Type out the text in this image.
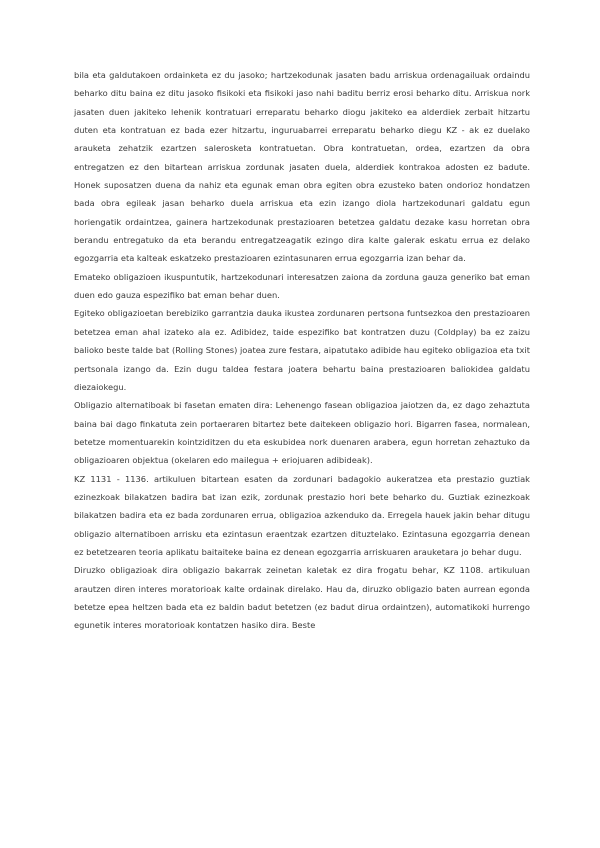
bila eta galdutakoen ordainketa ez du jasoko; hartzekodunak jasaten badu arriskua ordenagailuak ordaindu beharko ditu baina ez ditu jasoko fisikoki eta fisikoki jaso nahi baditu berriz erosi beharko ditu. Arriskua nork jasaten duen jakiteko lehenik kontratuari erreparatu beharko diogu jakiteko ea alderdiek zerbait hitzartu duten eta kontratuan ez bada ezer hitzartu, inguruabarrei erreparatu beharko diegu KZ - ak ez duelako arauketa zehatzik ezartzen salerosketa kontratuetan. Obra kontratuetan, ordea, ezartzen da obra entregatzen ez den bitartean arriskua zordunak jasaten duela, alderdiek kontrakoa adosten ez badute. Honek suposatzen duena da nahiz eta egunak eman obra egiten obra ezusteko baten ondorioz hondatzen bada obra egileak jasan beharko duela arriskua eta ezin izango diola hartzekodunari galdatu egun horiengatik ordaintzea, gainera hartzekodunak prestazioaren betetzea galdatu dezake kasu horretan obra berandu entregatuko da eta berandu entregatzeagatik ezingo dira kalte galerak eskatu errua ez delako egozgarria eta kalteak eskatzeko prestazioaren ezintasunaren errua egozgarria izan behar da.

Emateko obligazioen ikuspuntutik, hartzekodunari interesatzen zaiona da zorduna gauza generiko bat eman duen edo gauza espezifiko bat eman behar duen.

Egiteko obligazioetan berebiziko garrantzia dauka ikustea zordunaren pertsona funtsezkoa den prestazioaren betetzea eman ahal izateko ala ez. Adibidez, taide espezifiko bat kontratzen duzu (Coldplay) ba ez zaizu balioko beste talde bat (Rolling Stones) joatea zure festara, aipatutako adibide hau egiteko obligazioa eta txit pertsonala izango da. Ezin dugu taldea festara joatera behartu baina prestazioaren baliokidea galdatu diezaiokegu.

Obligazio alternatiboak bi fasetan ematen dira: Lehenengo fasean obligazioa jaiotzen da, ez dago zehaztuta baina bai dago finkatuta zein portaeraren bitartez bete daitekeen obligazio hori. Bigarren fasea, normalean, betetze momentuarekin kointziditzen du eta eskubidea nork duenaren arabera, egun horretan zehaztuko da obligazioaren objektua (okelaren edo mailegua + eriojuaren adibideak).

KZ 1131 - 1136. artikuluen bitartean esaten da zordunari badagokio aukeratzea eta prestazio guztiak ezinezkoak bilakatzen badira bat izan ezik, zordunak prestazio hori bete beharko du. Guztiak ezinezkoak bilakatzen badira eta ez bada zordunaren errua, obligazioa azkenduko da. Erregela hauek jakin behar ditugu obligazio alternatiboen arrisku eta ezintasun eraentzak ezartzen dituztelako. Ezintasuna egozgarria denean ez betetzearen teoria aplikatu baitaiteke baina ez denean egozgarria arriskuaren arauketara jo behar dugu.

Diruzko obligazioak dira obligazio bakarrak zeinetan kaletak ez dira frogatu behar, KZ 1108. artikuluan arautzen diren interes moratorioak kalte ordainak direlako. Hau da, diruzko obligazio baten aurrean egonda betetze epea heltzen bada eta ez baldin badut betetzen (ez badut dirua ordaintzen), automatikoki hurrengo egunetik interes moratorioak kontatzen hasiko dira. Beste
